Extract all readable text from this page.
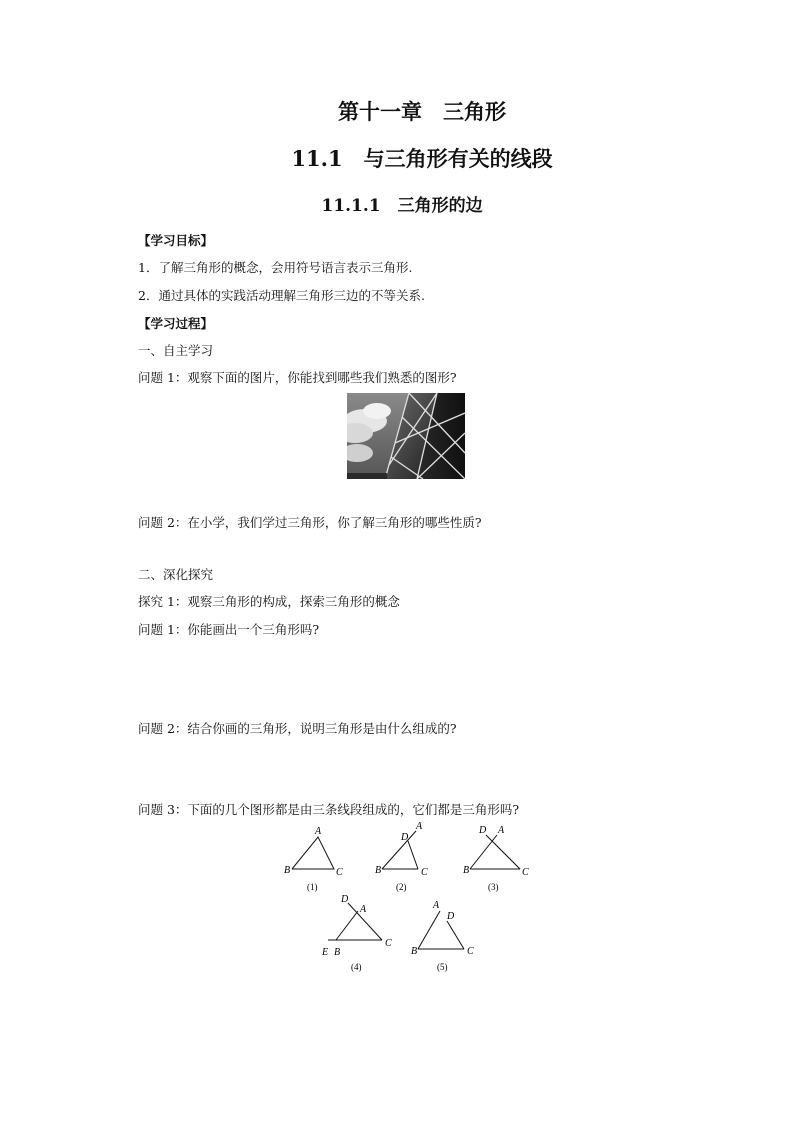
第十一章　三角形
11.1　与三角形有关的线段
11.1.1　三角形的边
【学习目标】
1．了解三角形的概念，会用符号语言表示三角形.
2．通过具体的实践活动理解三角形三边的不等关系.
【学习过程】
一、自主学习
问题 1：观察下面的图片，你能找到哪些我们熟悉的图形?
问题 2：在小学，我们学过三角形，你了解三角形的哪些性质?
二、深化探究
探究 1：观察三角形的构成，探索三角形的概念
问题 1：你能画出一个三角形吗?
问题 2：结合你画的三角形，说明三角形是由什么组成的?
问题 3：下面的几个图形都是由三条线段组成的，它们都是三角形吗?
A
B	C
(1)
A
D
B	C
(2)
D A
B	C
(3)
D
A
E B
C
(4)
A
D
B	C
(5)
